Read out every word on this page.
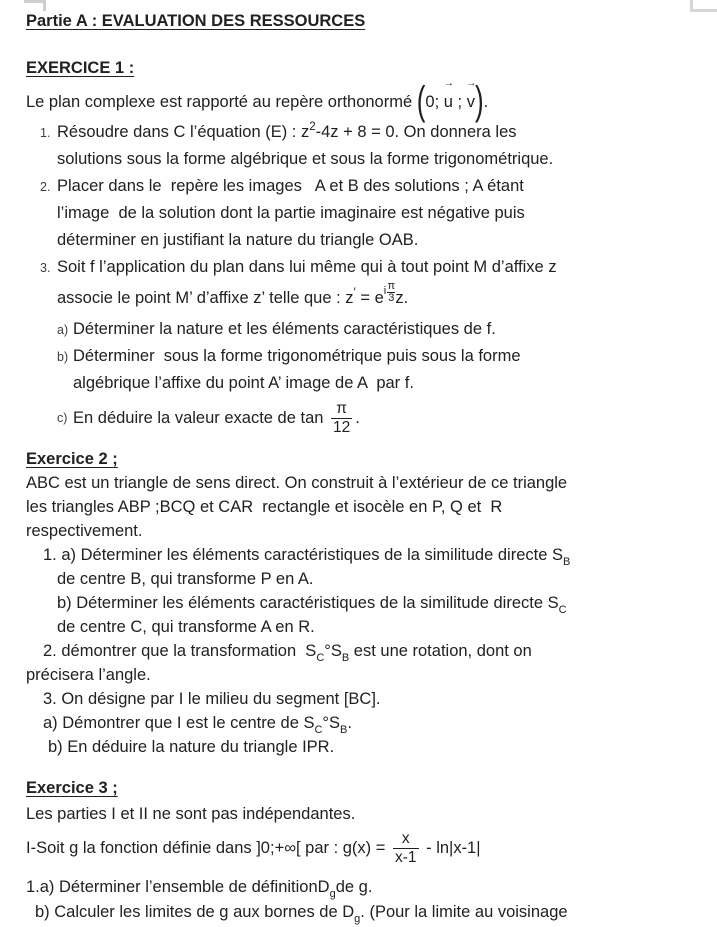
Partie A : EVALUATION DES RESSOURCES
EXERCICE 1 :
Le plan complexe est rapporté au repère orthonormé (0;
→
u ;
→
v).
1. Résoudre dans C l’équation (E) : $z^2-4z + 8 = 0$. On donnera les
solutions sous la forme algébrique et sous la forme trigonométrique.
2. Placer dans le  repère les images   A et B des solutions ; A étant
l’image  de la solution dont la partie imaginaire est négative puis
déterminer en justifiant la nature du triangle OAB.
3. Soit f l’application du plan dans lui même qui à tout point M d’affixe z
associe le point M’ d’affixe z’ telle que : z′ = e i $\frac{\pi}{3} z$.
a) Déterminer la nature et les éléments caractéristiques de f.
b) Déterminer  sous la forme trigonométrique puis sous la forme
algébrique l’affixe du point A’ image de A  par f.
c) En déduire la valeur exacte de $\tan \frac{\pi}{12}$ .
Exercice 2 ;
ABC est un triangle de sens direct. On construit à l’extérieur de ce triangle
les triangles ABP ;BCQ et CAR  rectangle et isocèle en P, Q et  R
respectivement.
1. a) Déterminer les éléments caractéristiques de la similitude directe $S_B$
de centre B, qui transforme P en A.
b) Déterminer les éléments caractéristiques de la similitude directe $S_C$
de centre C, qui transforme A en R.
2. démontrer que la transformation  $S_C^\circ S_B$ est une rotation, dont on
précisera l’angle.
3. On désigne par I le milieu du segment [BC].
a) Démontrer que I est le centre de $S_C^\circ S_B$.
b) En déduire la nature du triangle IPR.
Exercice 3 ;
Les parties I et II ne sont pas indépendantes.
I-Soit g la fonction définie dans ]0;+∞[ par : $g(x) = \frac{x}{x-1} - \ln|x-1|$
1.a) Déterminer l’ensemble de définitionD$_g$de g.
b) Calculer les limites de g aux bornes de $D_g$. (Pour la limite au voisinage
